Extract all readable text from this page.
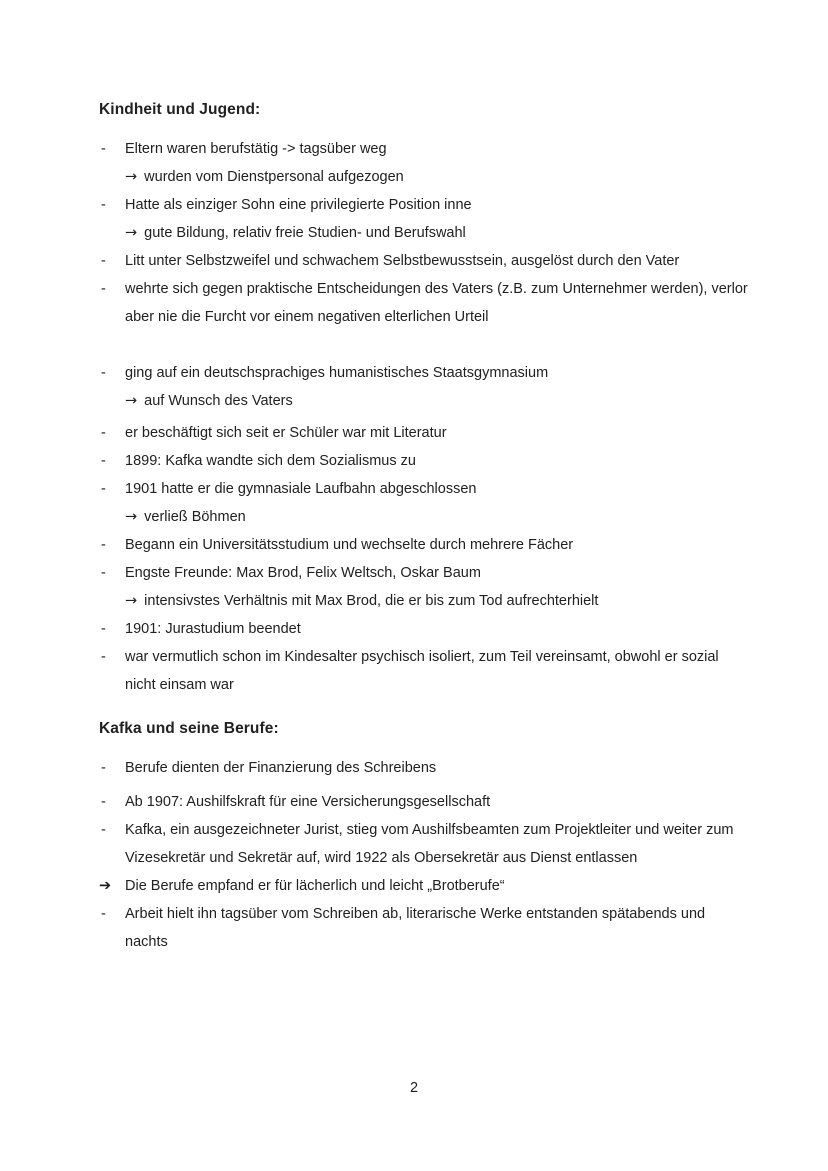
Kindheit und Jugend:
- Eltern waren berufstätig -> tagsüber weg
→ wurden vom Dienstpersonal aufgezogen
- Hatte als einziger Sohn eine privilegierte Position inne
→ gute Bildung, relativ freie Studien- und Berufswahl
- Litt unter Selbstzweifel und schwachem Selbstbewusstsein, ausgelöst durch den Vater
- wehrte sich gegen praktische Entscheidungen des Vaters (z.B. zum Unternehmer werden), verlor
aber nie die Furcht vor einem negativen elterlichen Urteil
- ging auf ein deutschsprachiges humanistisches Staatsgymnasium
→ auf Wunsch des Vaters
- er beschäftigt sich seit er Schüler war mit Literatur
- 1899: Kafka wandte sich dem Sozialismus zu
- 1901 hatte er die gymnasiale Laufbahn abgeschlossen
→ verließ Böhmen
- Begann ein Universitätsstudium und wechselte durch mehrere Fächer
- Engste Freunde: Max Brod, Felix Weltsch, Oskar Baum
→ intensivstes Verhältnis mit Max Brod, die er bis zum Tod aufrechterhielt
- 1901: Jurastudium beendet
- war vermutlich schon im Kindesalter psychisch isoliert, zum Teil vereinsamt, obwohl er sozial
nicht einsam war
Kafka und seine Berufe:
- Berufe dienten der Finanzierung des Schreibens
- Ab 1907: Aushilfskraft für eine Versicherungsgesellschaft
- Kafka, ein ausgezeichneter Jurist, stieg vom Aushilfsbeamten zum Projektleiter und weiter zum
Vizesekretär und Sekretär auf, wird 1922 als Obersekretär aus Dienst entlassen
➔ Die Berufe empfand er für lächerlich und leicht „Brotberufe“
- Arbeit hielt ihn tagsüber vom Schreiben ab, literarische Werke entstanden spätabends und
nachts
2
